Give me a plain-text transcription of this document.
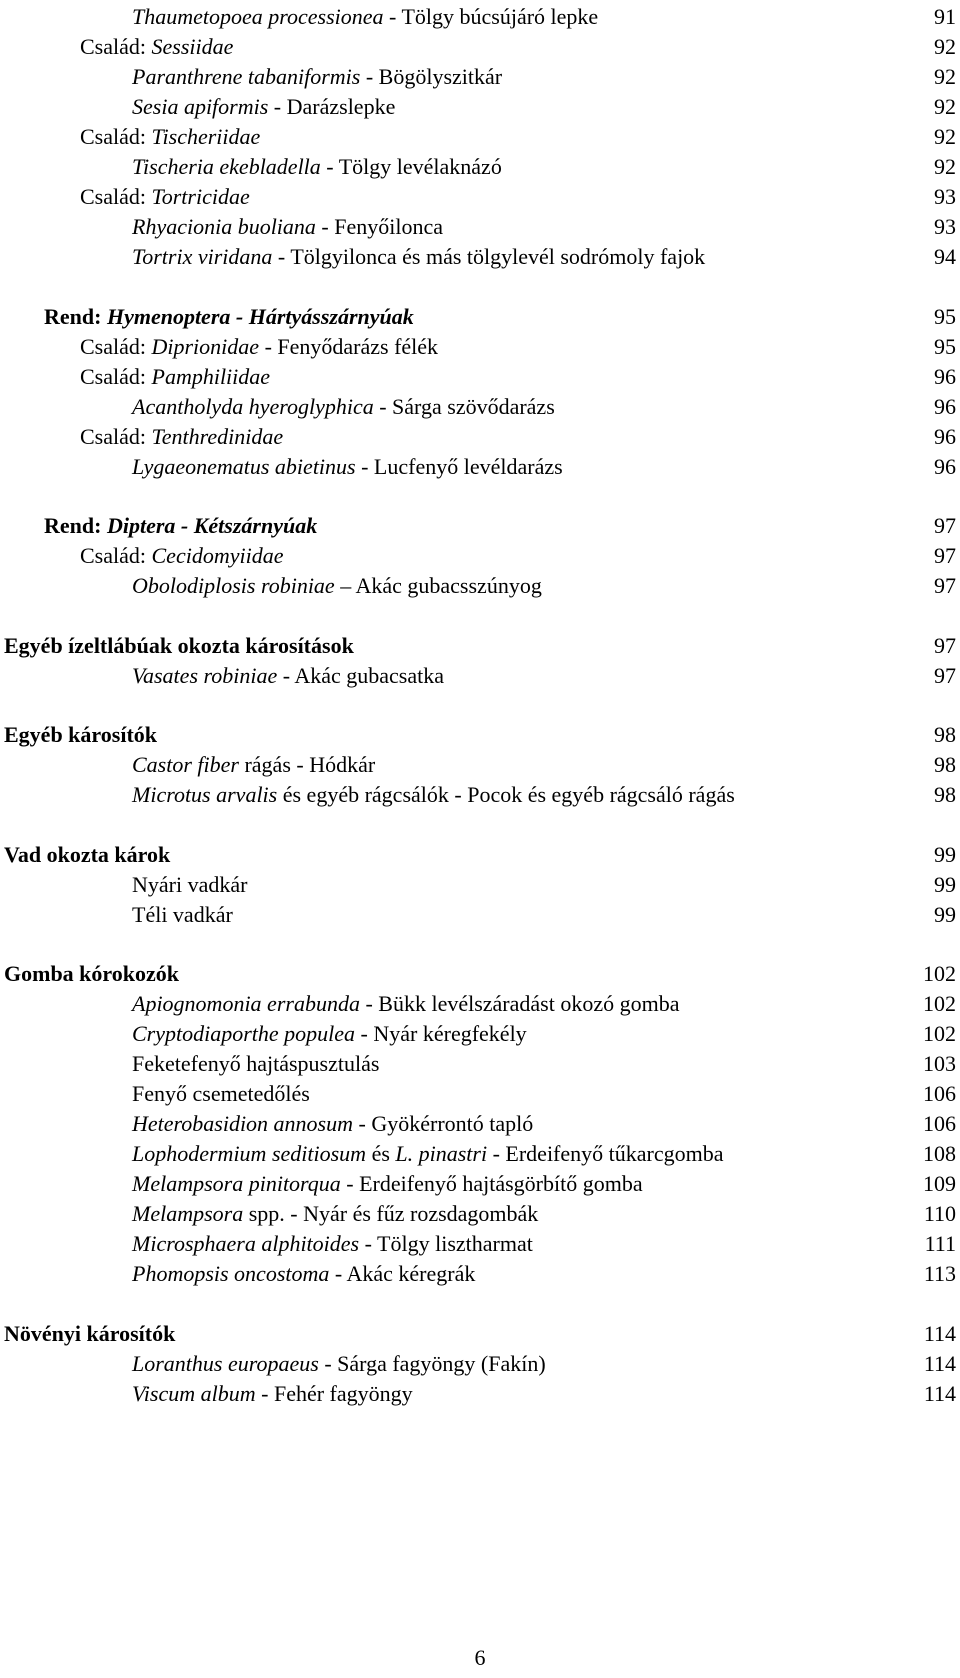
Thaumetopoea processionea - Tölgy búcsújáró lepke	91
Család: Sessiidae	92
Paranthrene tabaniformis - Bögölyszitkár	92
Sesia apiformis - Darázslepke	92
Család: Tischeriidae	92
Tischeria ekebladella - Tölgy levélaknázó	92
Család: Tortricidae	93
Rhyacionia buoliana - Fenyőilonca	93
Tortrix viridana - Tölgyilonca és más tölgylevél sodrómoly fajok	94
Rend: Hymenoptera - Hártyásszárnyúak	95
Család: Diprionidae - Fenyődarázs félék	95
Család: Pamphiliidae	96
Acantholyda hyeroglyphica - Sárga szövődarázs	96
Család: Tenthredinidae	96
Lygaeonematus abietinus - Lucfenyő levéldarázs	96
Rend: Diptera - Kétszárnyúak	97
Család: Cecidomyiidae	97
Obolodiplosis robiniae – Akác gubacsszúnyog	97
Egyéb ízeltlábúak okozta károsítások	97
Vasates robiniae - Akác gubacsatka	97
Egyéb károsítók	98
Castor fiber rágás - Hódkár	98
Microtus arvalis és egyéb rágcsálók - Pocok és egyéb rágcsáló rágás	98
Vad okozta károk	99
Nyári vadkár	99
Téli vadkár	99
Gomba kórokozók	102
Apiognomonia errabunda - Bükk levélszáradást okozó gomba	102
Cryptodiaporthe populea - Nyár kéregfekély	102
Feketefenyő hajtáspusztulás	103
Fenyő csemetedőlés	106
Heterobasidion annosum - Gyökérrontó tapló	106
Lophodermium seditiosum és L. pinastri - Erdeifenyő tűkarcgomba	108
Melampsora pinitorqua - Erdeifenyő hajtásgörbítő gomba	109
Melampsora spp. - Nyár és fűz rozsdagombák	110
Microsphaera alphitoides - Tölgy lisztharmat	111
Phomopsis oncostoma - Akác kéregrák	113
Növényi károsítók	114
Loranthus europaeus - Sárga fagyöngy (Fakín)	114
Viscum album - Fehér fagyöngy	114
6
